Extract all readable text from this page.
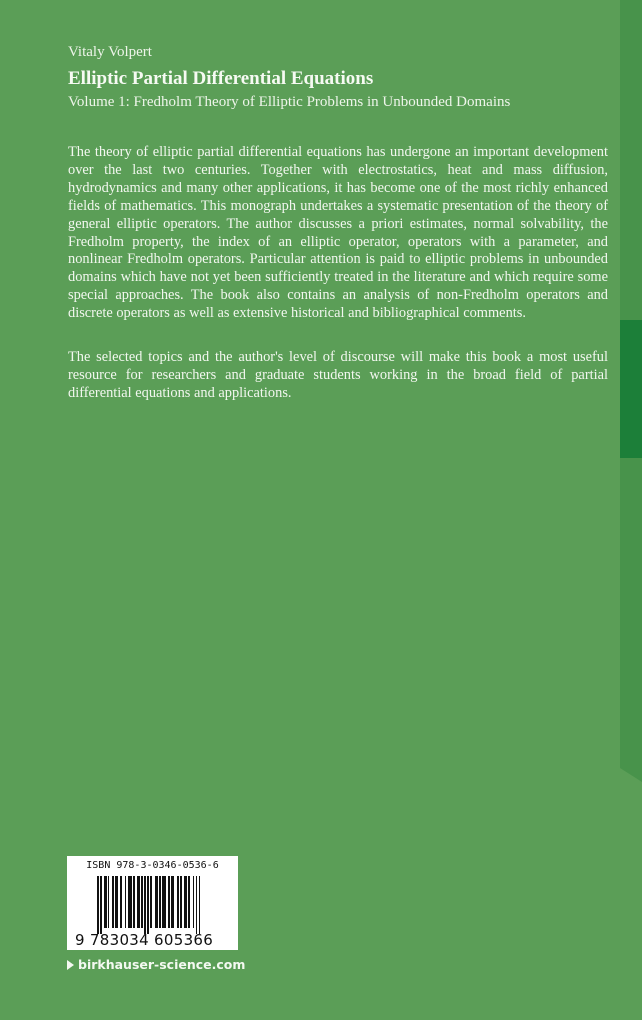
Vitaly Volpert
Elliptic Partial Differential Equations
Volume 1: Fredholm Theory of Elliptic Problems in Unbounded Domains

The theory of elliptic partial differential equations has undergone an important development over the last two centuries. Together with electrostatics, heat and mass diffusion, hydrodynamics and many other applications, it has become one of the most richly enhanced fields of mathematics. This monograph undertakes a systematic presentation of the theory of general elliptic operators. The author discusses a priori estimates, normal solvability, the Fredholm property, the index of an elliptic operator, operators with a parameter, and nonlinear Fredholm operators. Particular attention is paid to elliptic problems in unbounded domains which have not yet been sufficiently treated in the literature and which require some special approaches. The book also contains an analysis of non-Fredholm operators and discrete operators as well as extensive historical and bibliographical comments.

The selected topics and the author's level of discourse will make this book a most useful resource for researchers and graduate students working in the broad field of partial differential equations and applications.

ISBN 978-3-0346-0536-6
9 783034 605366
birkhauser-science.com
